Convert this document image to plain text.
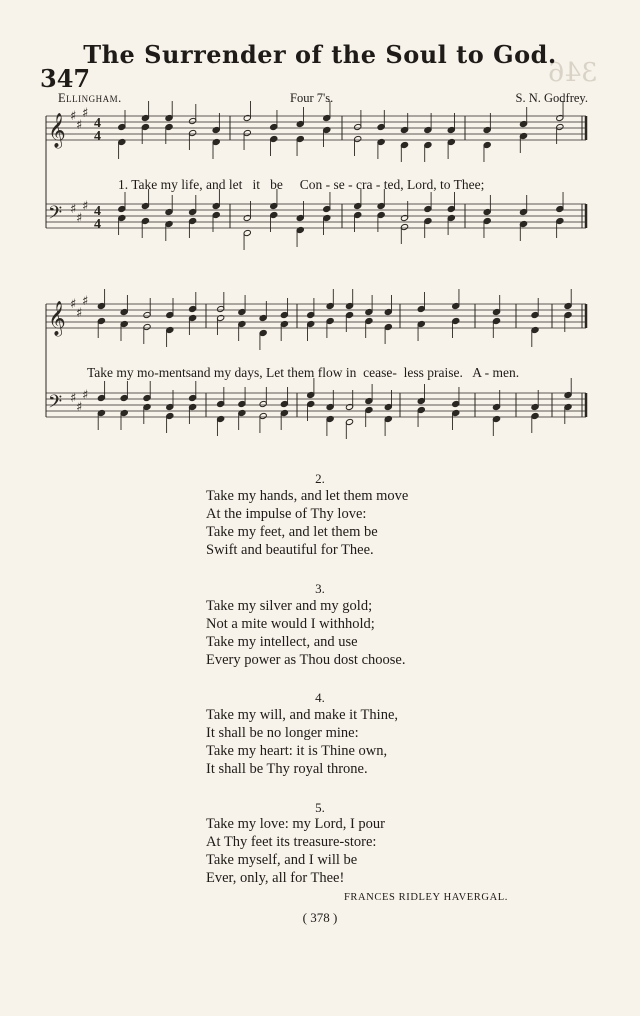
346
The Surrender of the Soul to God.
347
Ellingham.	Four 7's.	S. N. Godfrey.
𝄞
𝄢
𝄞
𝄢
♯
♯
♯
♯
♯
♯
♯
♯
♯
♯
♯
♯
4
4
4
4
1. Take my life, and let   it   be     Con - se - cra - ted, Lord, to Thee;
Take my mo-mentsand my days, Let them flow in  cease-  less praise.   A - men.
2.
Take my hands, and let them move
At the impulse of Thy love:
Take my feet, and let them be
Swift and beautiful for Thee.
3.
Take my silver and my gold;
Not a mite would I withhold;
Take my intellect, and use
Every power as Thou dost choose.
4.
Take my will, and make it Thine,
It shall be no longer mine:
Take my heart: it is Thine own,
It shall be Thy royal throne.
5.
Take my love: my Lord, I pour
At Thy feet its treasure-store:
Take myself, and I will be
Ever, only, all for Thee!
FRANCES RIDLEY HAVERGAL.
( 378 )
